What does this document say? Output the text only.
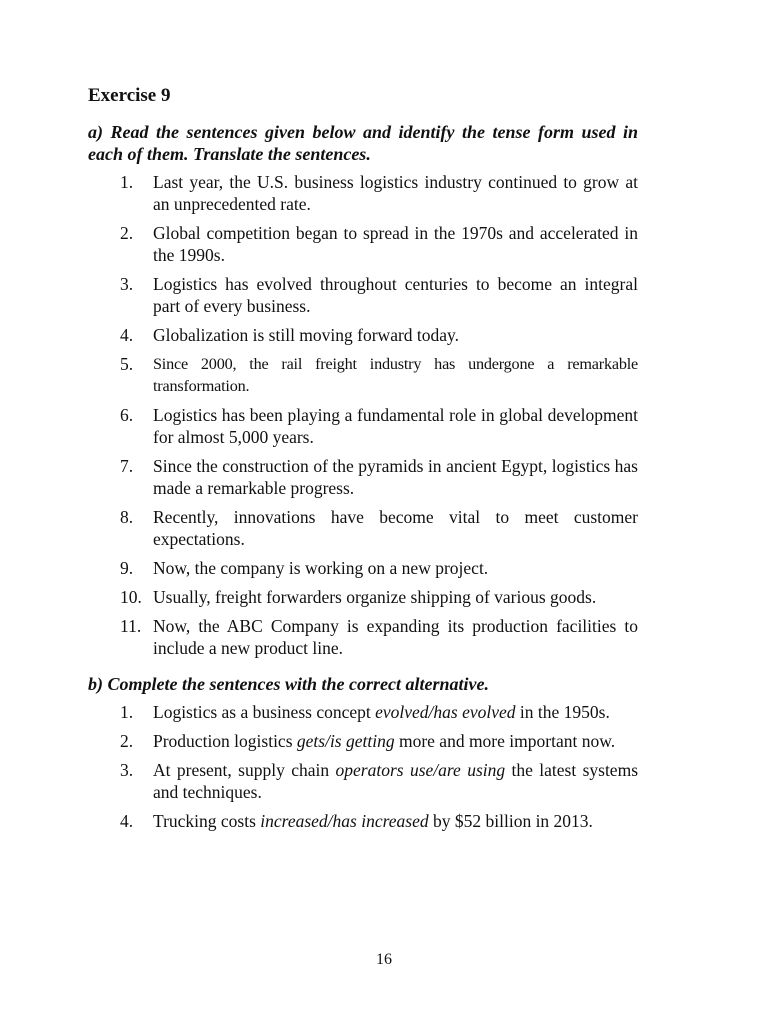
Exercise 9
a) Read the sentences given below and identify the tense form used in each of them. Translate the sentences.
1.	Last year, the U.S. business logistics industry continued to grow at an unprecedented rate.
2.	Global competition began to spread in the 1970s and accelerated in the 1990s.
3.	Logistics has evolved throughout centuries to become an integral part of every business.
4.	Globalization is still moving forward today.
5.	Since 2000, the rail freight industry has undergone a remarkable transformation.
6.	Logistics has been playing a fundamental role in global development for almost 5,000 years.
7.	Since the construction of the pyramids in ancient Egypt, logistics has made a remarkable progress.
8.	Recently, innovations have become vital to meet customer expectations.
9.	Now, the company is working on a new project.
10. Usually, freight forwarders organize shipping of various goods.
11. Now, the ABC Company is expanding its production facilities to include a new product line.
b) Complete the sentences with the correct alternative.
1.	Logistics as a business concept evolved/has evolved in the 1950s.
2.	Production logistics gets/is getting more and more important now.
3.	At present, supply chain operators use/are using the latest systems and techniques.
4.	Trucking costs increased/has increased by $52 billion in 2013.
16
